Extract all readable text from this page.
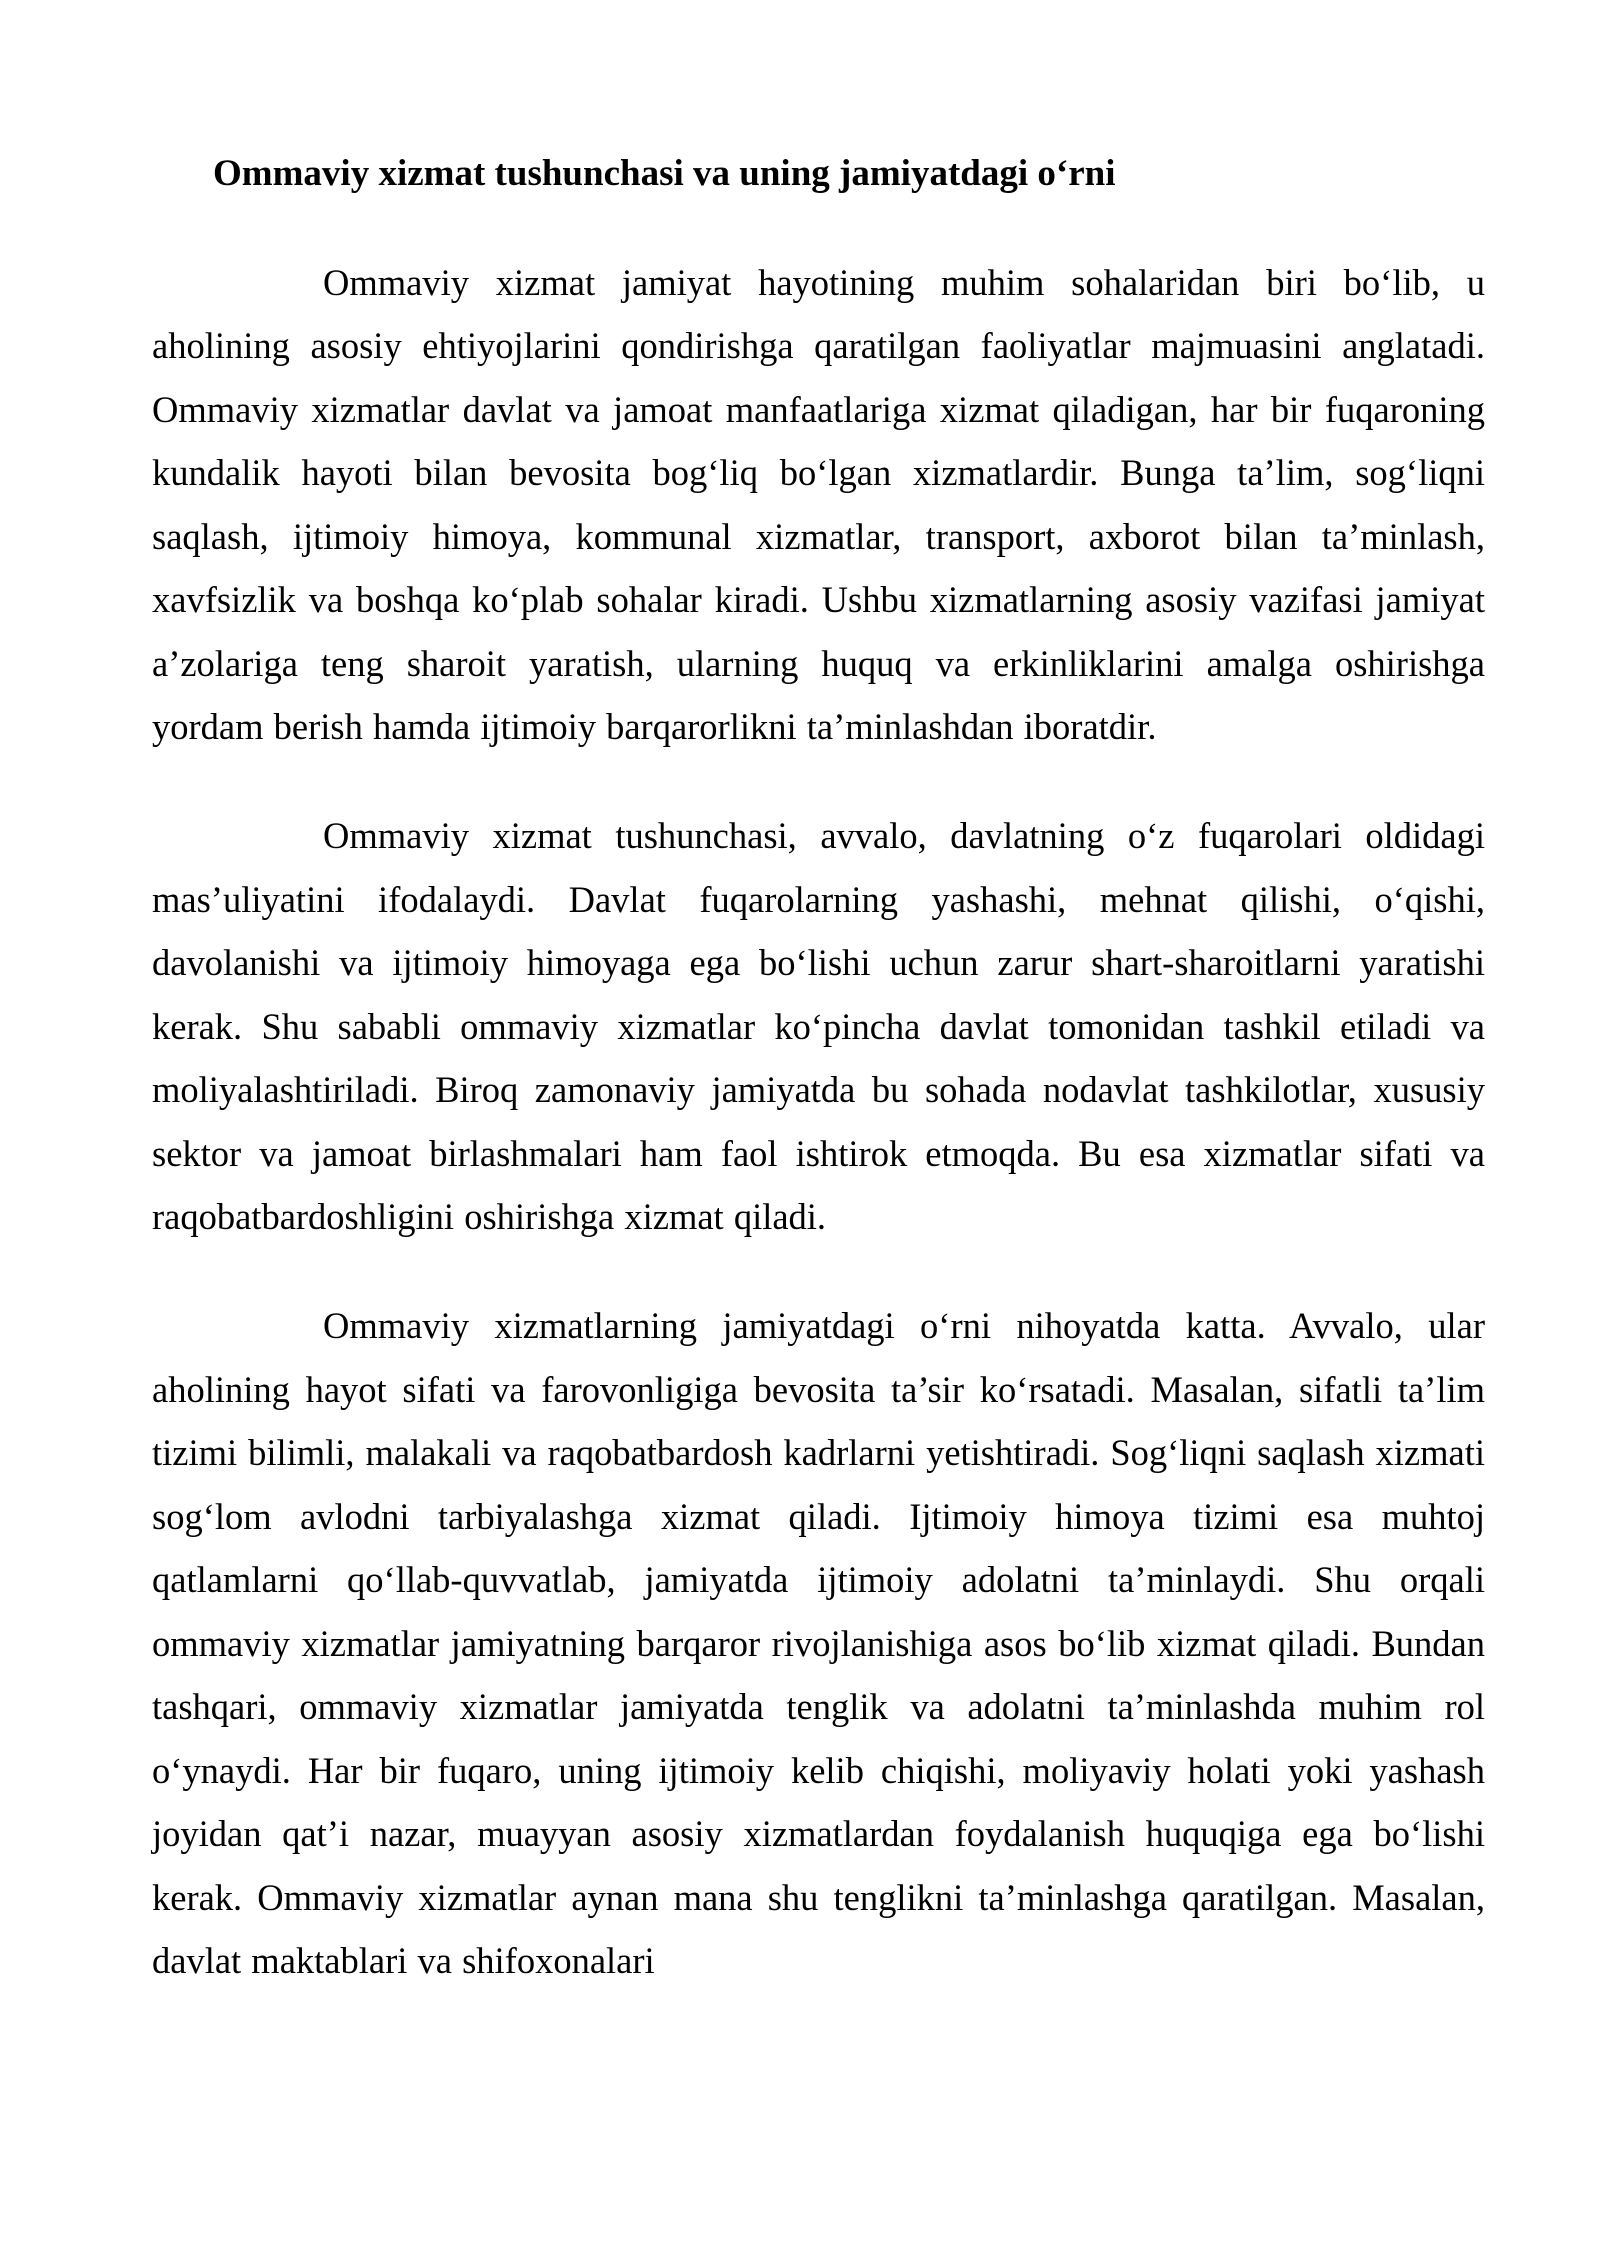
Ommaviy xizmat tushunchasi va uning jamiyatdagi o‘rni

Ommaviy xizmat jamiyat hayotining muhim sohalaridan biri bo‘lib, u aholining asosiy ehtiyojlarini qondirishga qaratilgan faoliyatlar majmuasini anglatadi. Ommaviy xizmatlar davlat va jamoat manfaatlariga xizmat qiladigan, har bir fuqaroning kundalik hayoti bilan bevosita bog‘liq bo‘lgan xizmatlardir. Bunga ta’lim, sog‘liqni saqlash, ijtimoiy himoya, kommunal xizmatlar, transport, axborot bilan ta’minlash, xavfsizlik va boshqa ko‘plab sohalar kiradi. Ushbu xizmatlarning asosiy vazifasi jamiyat a’zolariga teng sharoit yaratish, ularning huquq va erkinliklarini amalga oshirishga yordam berish hamda ijtimoiy barqarorlikni ta’minlashdan iboratdir.

Ommaviy xizmat tushunchasi, avvalo, davlatning o‘z fuqarolari oldidagi mas’uliyatini ifodalaydi. Davlat fuqarolarning yashashi, mehnat qilishi, o‘qishi, davolanishi va ijtimoiy himoyaga ega bo‘lishi uchun zarur shart-sharoitlarni yaratishi kerak. Shu sababli ommaviy xizmatlar ko‘pincha davlat tomonidan tashkil etiladi va moliyalashtiriladi. Biroq zamonaviy jamiyatda bu sohada nodavlat tashkilotlar, xususiy sektor va jamoat birlashmalari ham faol ishtirok etmoqda. Bu esa xizmatlar sifati va raqobatbardoshligini oshirishga xizmat qiladi.

Ommaviy xizmatlarning jamiyatdagi o‘rni nihoyatda katta. Avvalo, ular aholining hayot sifati va farovonligiga bevosita ta’sir ko‘rsatadi. Masalan, sifatli ta’lim tizimi bilimli, malakali va raqobatbardosh kadrlarni yetishtiradi. Sog‘liqni saqlash xizmati sog‘lom avlodni tarbiyalashga xizmat qiladi. Ijtimoiy himoya tizimi esa muhtoj qatlamlarni qo‘llab-quvvatlab, jamiyatda ijtimoiy adolatni ta’minlaydi. Shu orqali ommaviy xizmatlar jamiyatning barqaror rivojlanishiga asos bo‘lib xizmat qiladi. Bundan tashqari, ommaviy xizmatlar jamiyatda tenglik va adolatni ta’minlashda muhim rol o‘ynaydi. Har bir fuqaro, uning ijtimoiy kelib chiqishi, moliyaviy holati yoki yashash joyidan qat’i nazar, muayyan asosiy xizmatlardan foydalanish huquqiga ega bo‘lishi kerak. Ommaviy xizmatlar aynan mana shu tenglikni ta’minlashga qaratilgan. Masalan, davlat maktablari va shifoxonalari
